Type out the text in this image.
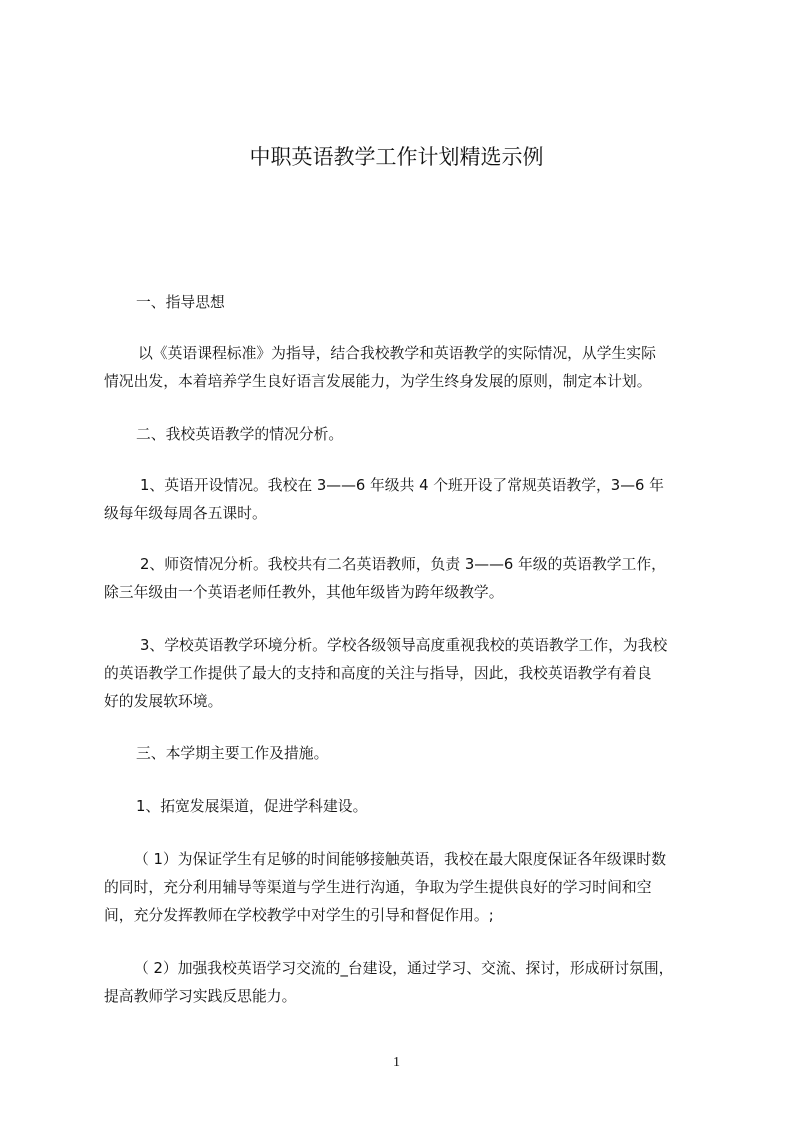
中职英语教学工作计划精选示例
一、指导思想
以《英语课程标准》为指导，结合我校教学和英语教学的实际情况，从学生实际
情况出发，本着培养学生良好语言发展能力，为学生终身发展的原则，制定本计划。
二、我校英语教学的情况分析。
1、英语开设情况。我校在 3——6 年级共 4 个班开设了常规英语教学，3—6 年
级每年级每周各五课时。
2、师资情况分析。我校共有二名英语教师，负责 3——6 年级的英语教学工作，
除三年级由一个英语老师任教外，其他年级皆为跨年级教学。
3、学校英语教学环境分析。学校各级领导高度重视我校的英语教学工作，为我校
的英语教学工作提供了最大的支持和高度的关注与指导，因此，我校英语教学有着良
好的发展软环境。
三、本学期主要工作及措施。
1、拓宽发展渠道，促进学科建设。
（ 1）为保证学生有足够的时间能够接触英语，我校在最大限度保证各年级课时数
的同时，充分利用辅导等渠道与学生进行沟通，争取为学生提供良好的学习时间和空
间，充分发挥教师在学校教学中对学生的引导和督促作用。;
（ 2）加强我校英语学习交流的_台建设，通过学习、交流、探讨，形成研讨氛围，
提高教师学习实践反思能力。
1
